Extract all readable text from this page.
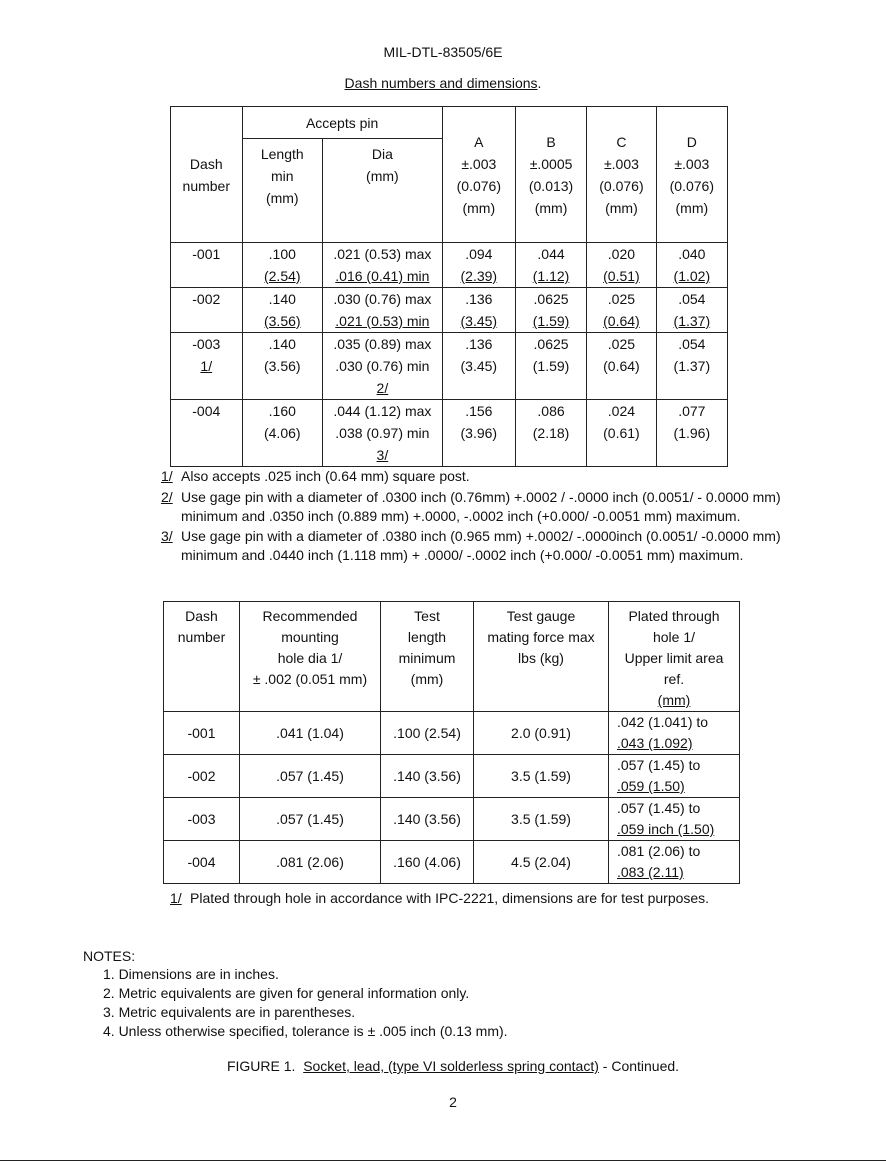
MIL-DTL-83505/6E
Dash numbers and dimensions.
Dash
number	Accepts pin		A
±.003
(0.076)
(mm)	B
±.0005
(0.013)
(mm)	C
±.003
(0.076)
(mm)	D
±.003
(0.076)
(mm)

	Length
min
(mm)	Dia
(mm)				

-001	.100
(2.54)	.021 (0.53) max
.016 (0.41) min	.094
(2.39)	.044
(1.12)	.020
(0.51)	.040
(1.02)

-002	.140
(3.56)	.030 (0.76) max
.021 (0.53) min	.136
(3.45)	.0625
(1.59)	.025
(0.64)	.054
(1.37)

-003
1/	.140
(3.56)	.035 (0.89) max
.030 (0.76) min
2/	.136
(3.45)	.0625
(1.59)	.025
(0.64)	.054
(1.37)

-004	.160
(4.06)	.044 (1.12) max
.038 (0.97) min
3/	.156
(3.96)	.086
(2.18)	.024
(0.61)	.077
(1.96)
1/ Also accepts .025 inch (0.64 mm) square post.
2/ Use gage pin with a diameter of .0300 inch (0.76mm) +.0002 / -.0000 inch (0.0051/ - 0.0000 mm)
minimum and .0350 inch (0.889 mm) +.0000, -.0002 inch (+0.000/ -0.0051 mm) maximum.
3/ Use gage pin with a diameter of .0380 inch (0.965 mm) +.0002/ -.0000inch (0.0051/ -0.0000 mm)
minimum and .0440 inch (1.118 mm) + .0000/ -.0002 inch (+0.000/ -0.0051 mm) maximum.
Dash
number	Recommended
mounting
hole dia 1/
± .002 (0.051 mm)	Test
length
minimum
(mm)	Test gauge
mating force max
lbs (kg)	Plated through
hole 1/
Upper limit area
ref.
(mm)

-001	.041 (1.04)	.100 (2.54)	2.0 (0.91)	.042 (1.041) to
.043 (1.092)

-002	.057 (1.45)	.140 (3.56)	3.5 (1.59)	.057 (1.45) to
.059 (1.50)

-003	.057 (1.45)	.140 (3.56)	3.5 (1.59)	.057 (1.45) to
.059 inch (1.50)

-004	.081 (2.06)	.160 (4.06)	4.5 (2.04)	.081 (2.06) to
.083 (2.11)
1/ Plated through hole in accordance with IPC-2221, dimensions are for test purposes.
NOTES:
1. Dimensions are in inches.
2. Metric equivalents are given for general information only.
3. Metric equivalents are in parentheses.
4. Unless otherwise specified, tolerance is ± .005 inch (0.13 mm).
FIGURE 1. Socket, lead, (type VI solderless spring contact) - Continued.
2
